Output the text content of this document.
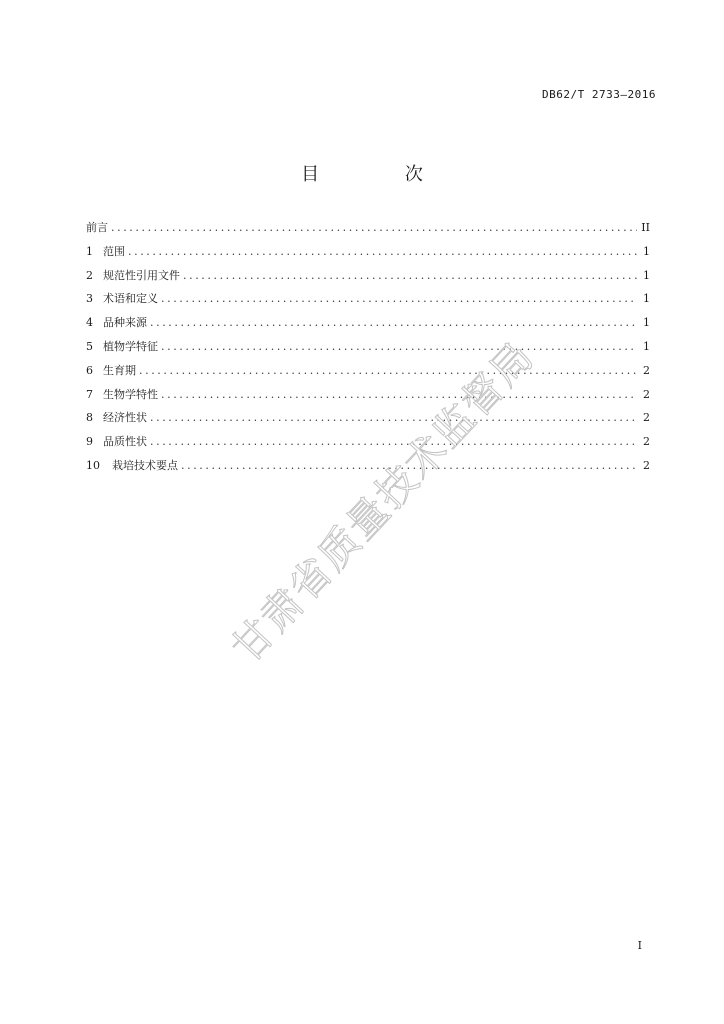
DB62/T 2733—2016
目 次
前言 .....	II
1 范围 .....	1
2 规范性引用文件 .....	1
3 术语和定义 .....	1
4 品种来源 .....	1
5 植物学特征 .....	1
6 生育期 .....	2
7 生物学特性 .....	2
8 经济性状 .....	2
9 品质性状 .....	2
10	栽培技术要点 .....	2
甘肃省质量技术监督局
I
